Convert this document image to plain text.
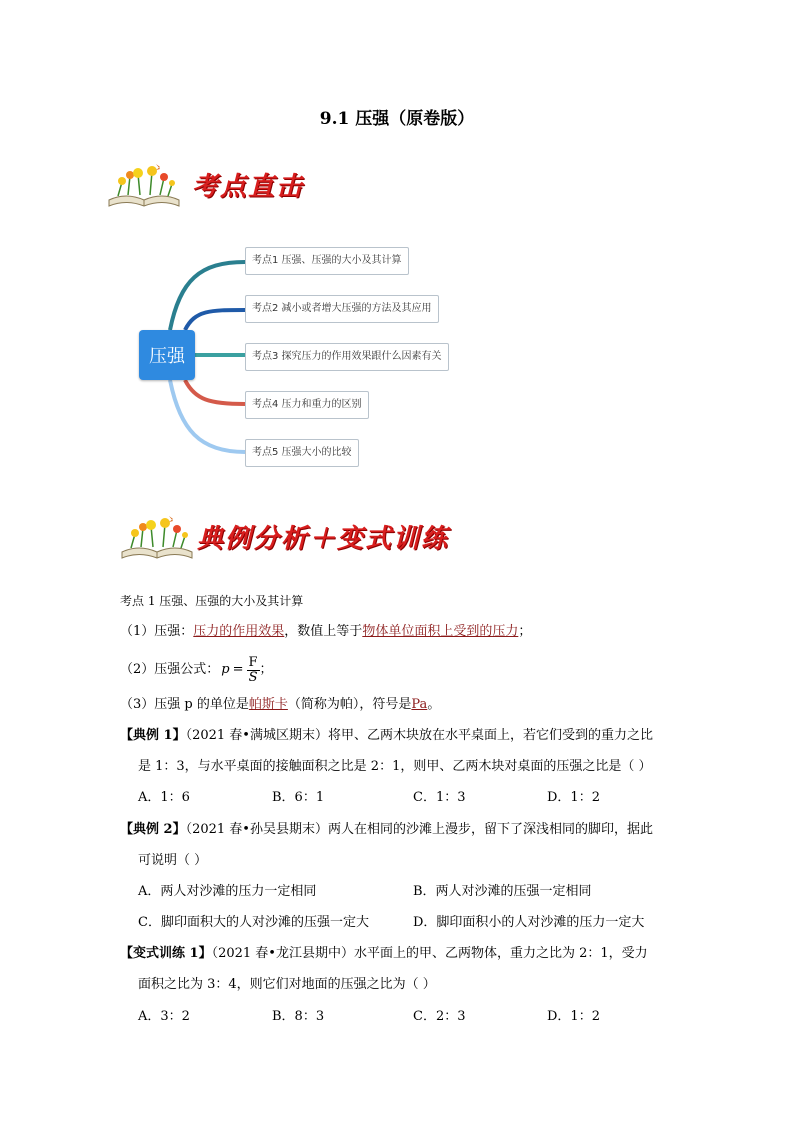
9.1 压强（原卷版）
考点直击
压强
考点1 压强、压强的大小及其计算
考点2 减小或者增大压强的方法及其应用
考点3 探究压力的作用效果跟什么因素有关
考点4 压力和重力的区别
考点5 压强大小的比较
典例分析＋变式训练
考点 1 压强、压强的大小及其计算
（1）压强：压力的作用效果，数值上等于物体单位面积上受到的压力；
（2）压强公式： $p = \frac{F}{S}$ ；
（3）压强 p 的单位是帕斯卡（简称为帕），符号是Pa。
【典例 1】（2021 春•满城区期末）将甲、乙两木块放在水平桌面上，若它们受到的重力之比
是 1：3，与水平桌面的接触面积之比是 2：1，则甲、乙两木块对桌面的压强之比是（ ）
A．1：6	B．6：1	C．1：3	D．1：2
【典例 2】（2021 春•孙吴县期末）两人在相同的沙滩上漫步，留下了深浅相同的脚印，据此
可说明（ ）
A．两人对沙滩的压力一定相同	B．两人对沙滩的压强一定相同
C．脚印面积大的人对沙滩的压强一定大	D．脚印面积小的人对沙滩的压力一定大
【变式训练 1】（2021 春•龙江县期中）水平面上的甲、乙两物体，重力之比为 2：1，受力
面积之比为 3：4，则它们对地面的压强之比为（ ）
A．3：2	B．8：3	C．2：3	D．1：2
